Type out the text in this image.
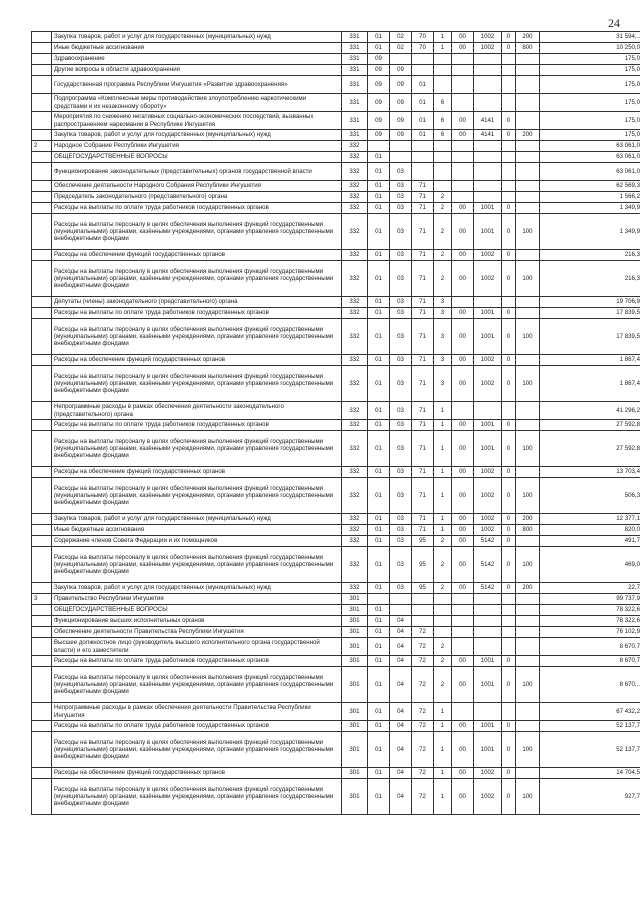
24
	Закупка товаров, работ и услуг для государственных (муниципальных) нужд	331	01	02	70	1	00	1002	0	200	31 594,..
	Иные бюджетные ассигнования	331	01	02	70	1	00	1002	0	800	10 250,0
	Здравоохранение	331	09								175,0
	Другие вопросы в области здравоохранения	331	09	09							175,0
	Государственная программа Республики Ингушетия «Развитие здравоохранения»	331	09	09	01						175,0
	Подпрограмма «Комплексные меры противодействия злоупотреблению наркотическими средствами и их незаконному обороту»	331	09	09	01	6					175,0
	Мероприятия по снижению негативных социально-экономических последствий, вызванных распространением наркомании в Республике Ингушетия	331	09	09	01	6	00	4141	0		175,0
	Закупка товаров, работ и услуг для государственных (муниципальных) нужд	331	09	09	01	6	00	4141	0	200	175,0
2	Народное Собрание Республики Ингушетия	332									63 061,0
	ОБЩЕГОСУДАРСТВЕННЫЕ ВОПРОСЫ	332	01								63 061,0
	Функционирование законодательных (представительных) органов государственной власти	332	01	03							63 061,0
	Обеспечение деятельности Народного Собрания Республики Ингушетия	332	01	03	71						62 569,3
	Председатель законодательного (представительного) органа	332	01	03	71	2					1 566,2
	Расходы на выплаты по оплате труда работников государственных органов	332	01	03	71	2	00	1001	0		1 349,9
	Расходы на выплаты персоналу в целях обеспечения выполнения функций государственными (муниципальными) органами, казёнными учреждениями, органами управления государственными внебюджетными фондами	332	01	03	71	2	00	1001	0	100	1 349,9
	Расходы на обеспечение функций государственных органов	332	01	03	71	2	00	1002	0		216,3
	Расходы на выплаты персоналу в целях обеспечения выполнения функций государственными (муниципальными) органами, казёнными учреждениями, органами управления государственными внебюджетными фондами	332	01	03	71	2	00	1002	0	100	216,3
	Депутаты (члены) законодательного (представительного) органа	332	01	03	71	3					19 706,9
	Расходы на выплаты по оплате труда работников государственных органов	332	01	03	71	3	00	1001	0		17 839,5
	Расходы на выплаты персоналу в целях обеспечения выполнения функций государственными (муниципальными) органами, казёнными учреждениями, органами управления государственными внебюджетными фондами	332	01	03	71	3	00	1001	0	100	17 839,5
	Расходы на обеспечение функций государственных органов	332	01	03	71	3	00	1002	0		1 867,4
	Расходы на выплаты персоналу в целях обеспечения выполнения функций государственными (муниципальными) органами, казёнными учреждениями, органами управления государственными внебюджетными фондами	332	01	03	71	3	00	1002	0	100	1 867,4
	Непрограммные расходы в рамках обеспечения деятельности законодательного (представительного) органа	332	01	03	71	1					41 296,2
	Расходы на выплаты по оплате труда работников государственных органов	332	01	03	71	1	00	1001	0		27 592,8
	Расходы на выплаты персоналу в целях обеспечения выполнения функций государственными (муниципальными) органами, казёнными учреждениями, органами управления государственными внебюджетными фондами	332	01	03	71	1	00	1001	0	100	27 592,8
	Расходы на обеспечение функций государственных органов	332	01	03	71	1	00	1002	0		13 703,4
	Расходы на выплаты персоналу в целях обеспечения выполнения функций государственными (муниципальными) органами, казёнными учреждениями, органами управления государственными внебюджетными фондами	332	01	03	71	1	00	1002	0	100	506,3
	Закупка товаров, работ и услуг для государственных (муниципальных) нужд	332	01	03	71	1	00	1002	0	200	12 377,1
	Иные бюджетные ассигнования	332	01	03	71	1	00	1002	0	800	820,0
	Содержание членов Совета Федерации и их помощников	332	01	03	95	2	00	5142	0		491,7
	Расходы на выплаты персоналу в целях обеспечения выполнения функций государственными (муниципальными) органами, казёнными учреждениями, органами управления государственными внебюджетными фондами	332	01	03	95	2	00	5142	0	100	469,0
	Закупка товаров, работ и услуг для государственных (муниципальных) нужд	332	01	03	95	2	00	5142	0	200	22,7
3	Правительство Республики Ингушетия	301									99 737,9
	ОБЩЕГОСУДАРСТВЕННЫЕ ВОПРОСЫ	301	01								78 322,6
	Функционирование высших исполнительных органов	301	01	04							78 322,6
	Обеспечение деятельности Правительства Республики Ингушетия	301	01	04	72						76 102,9
	Высшее должностное лицо (руководитель высшего исполнительного органа государственной власти) и его заместители	301	01	04	72	2					8 670,7
	Расходы на выплаты по оплате труда работников государственных органов	301	01	04	72	2	00	1001	0		8 670,7
	Расходы на выплаты персоналу в целях обеспечения выполнения функций государственными (муниципальными) органами, казёнными учреждениями, органами управления государственными внебюджетными фондами	301	01	04	72	2	00	1001	0	100	8 670,..
	Непрограммные расходы в рамках обеспечения деятельности Правительства Республики Ингушетия	301	01	04	72	1					67 432,2
	Расходы на выплаты по оплате труда работников государственных органов	301	01	04	72	1	00	1001	0		52 137,7
	Расходы на выплаты персоналу в целях обеспечения выполнения функций государственными (муниципальными) органами, казёнными учреждениями, органами управления государственными внебюджетными фондами	301	01	04	72	1	00	1001	0	100	52 137,7
	Расходы на обеспечение функций государственных органов	301	01	04	72	1	00	1002	0		14 704,5
	Расходы на выплаты персоналу в целях обеспечения выполнения функций государственными (муниципальными) органами, казёнными учреждениями, органами управления государственными внебюджетными фондами	301	01	04	72	1	00	1002	0	100	927,7
